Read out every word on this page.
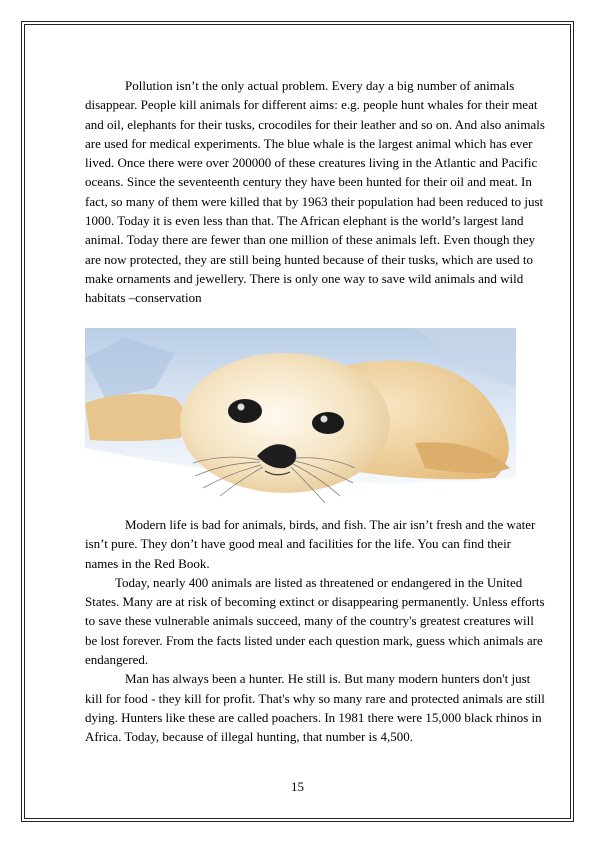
Pollution isn’t the only actual problem. Every day a big number of animals disappear. People kill animals for different aims: e.g. people hunt whales for their meat and oil, elephants for their tusks, crocodiles for their leather and so on. And also animals are used for medical experiments. The blue whale is the largest animal which has ever lived. Once there were over 200000 of these creatures living in the Atlantic and Pacific oceans. Since the seventeenth century they have been hunted for their oil and meat. In fact, so many of them were killed that by 1963 their population had been reduced to just 1000. Today it is even less than that. The African elephant is the world’s largest land animal. Today there are fewer than one million of these animals left. Even though they are now protected, they are still being hunted because of their tusks, which are used to make ornaments and jewellery. There is only one way to save wild animals and wild habitats –conservation

Modern life is bad for animals, birds, and fish. The air isn’t fresh and the water isn’t pure. They don’t have good meal and facilities for the life. You can find their names in the Red Book.

Today, nearly 400 animals are listed as threatened or endangered in the United States. Many are at risk of becoming extinct or disappearing permanently. Unless efforts to save these vulnerable animals succeed, many of the country's greatest creatures will be lost forever. From the facts listed under each question mark, guess which animals are endangered.

Man has always been a hunter. He still is. But many modern hunters don't just kill for food - they kill for profit. That's why so many rare and protected animals are still dying. Hunters like these are called poachers. In 1981 there were 15,000 black rhinos in Africa. Today, because of illegal hunting, that number is 4,500.

15
